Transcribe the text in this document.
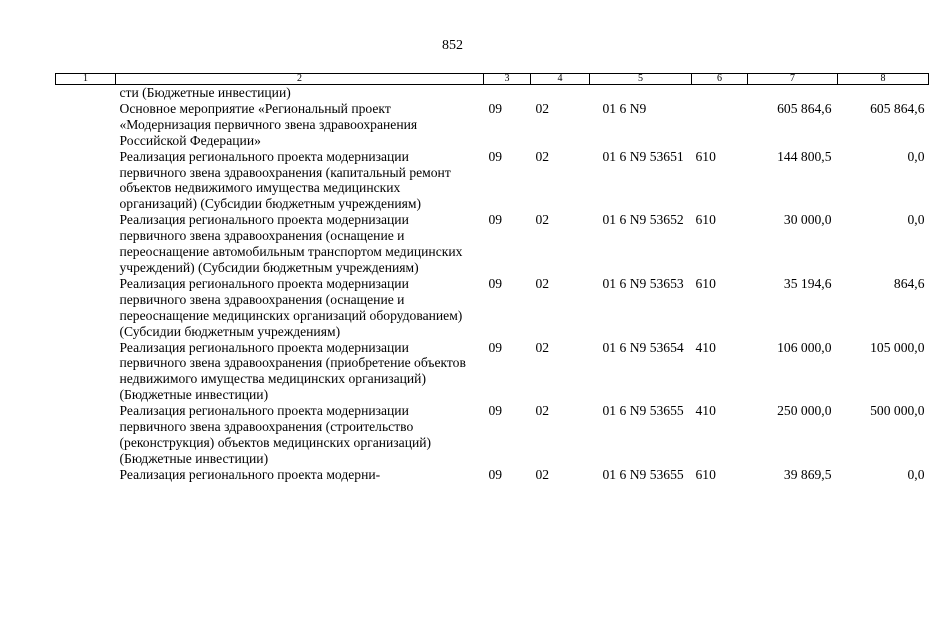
852
1	2	3	4	5	6	7	8
	сти (Бюджетные инвестиции)						
	Основное мероприятие «Региональный проект «Модернизация первичного звена здравоохранения Российской Федерации»	09	02	01 6 N9		605 864,6	605 864,6
	Реализация регионального проекта модернизации первичного звена здравоохранения (капитальный ремонт объектов недвижимого имущества медицинских организаций) (Субсидии бюджетным учреждениям)	09	02	01 6 N9 53651	610	144 800,5	0,0
	Реализация регионального проекта модернизации первичного звена здравоохранения (оснащение и переоснащение автомобильным транспортом медицинских учреждений) (Субсидии бюджетным учреждениям)	09	02	01 6 N9 53652	610	30 000,0	0,0
	Реализация регионального проекта модернизации первичного звена здравоохранения (оснащение и переоснащение медицинских организаций оборудованием) (Субсидии бюджетным учреждениям)	09	02	01 6 N9 53653	610	35 194,6	864,6
	Реализация регионального проекта модернизации первичного звена здравоохранения (приобретение объектов недвижимого имущества медицинских организаций) (Бюджетные инвестиции)	09	02	01 6 N9 53654	410	106 000,0	105 000,0
	Реализация регионального проекта модернизации первичного звена здравоохранения (строительство (реконструкция) объектов медицинских организаций) (Бюджетные инвестиции)	09	02	01 6 N9 53655	410	250 000,0	500 000,0
	Реализация регионального проекта модерни-	09	02	01 6 N9 53655	610	39 869,5	0,0
